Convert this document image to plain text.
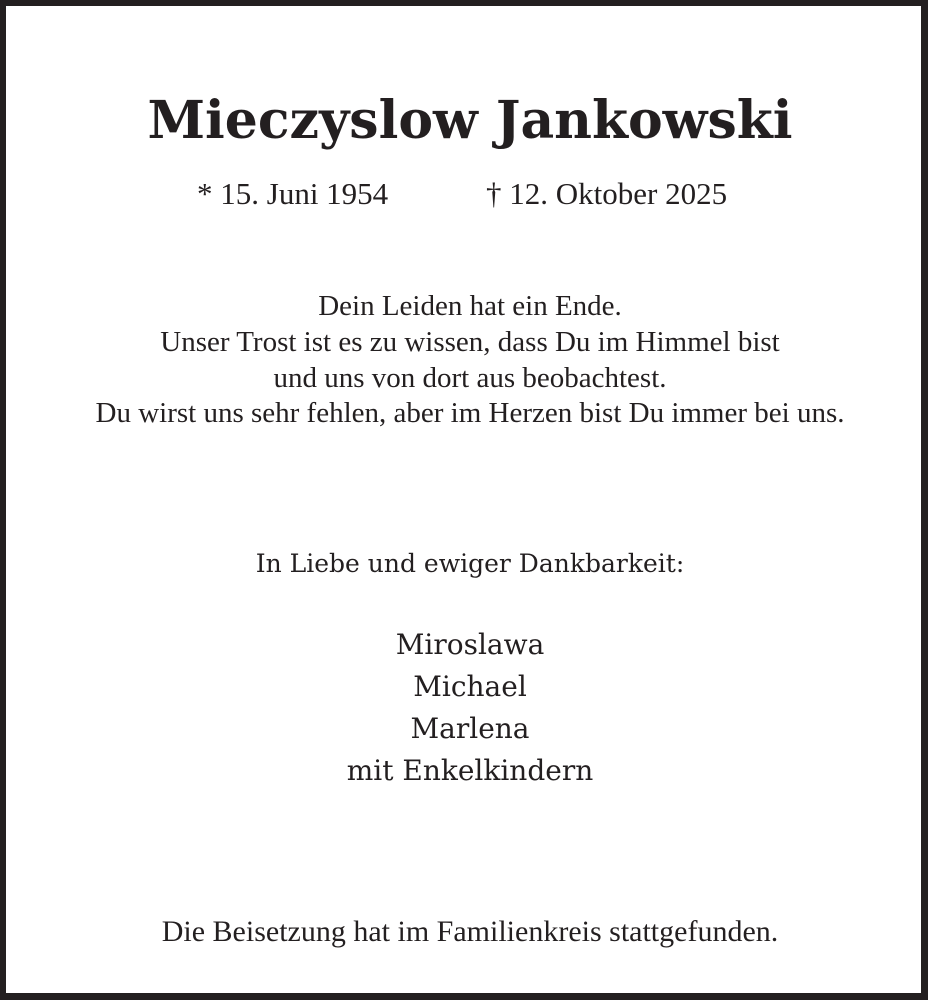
Mieczyslow Jankowski
* 15. Juni 1954	† 12. Oktober 2025

Dein Leiden hat ein Ende.

Unser Trost ist es zu wissen, dass Du im Himmel bist

und uns von dort aus beobachtest.

Du wirst uns sehr fehlen, aber im Herzen bist Du immer bei uns.

In Liebe und ewiger Dankbarkeit:

Miroslawa

Michael

Marlena

mit Enkelkindern

Die Beisetzung hat im Familienkreis stattgefunden.
